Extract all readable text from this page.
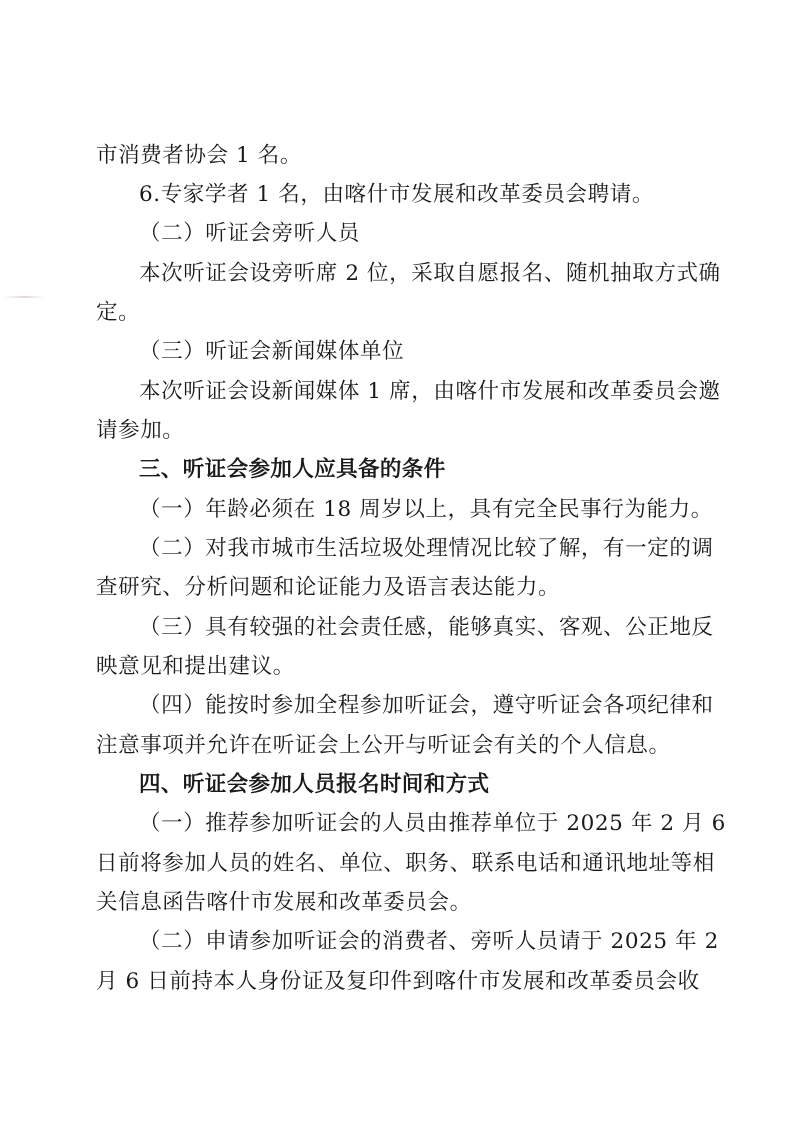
市消费者协会 1 名。
6.专家学者 1 名，由喀什市发展和改革委员会聘请。
（二）听证会旁听人员
本次听证会设旁听席 2 位，采取自愿报名、随机抽取方式确
定。
（三）听证会新闻媒体单位
本次听证会设新闻媒体 1 席，由喀什市发展和改革委员会邀
请参加。
三、听证会参加人应具备的条件
（一）年龄必须在 18 周岁以上，具有完全民事行为能力。
（二）对我市城市生活垃圾处理情况比较了解，有一定的调
查研究、分析问题和论证能力及语言表达能力。
（三）具有较强的社会责任感，能够真实、客观、公正地反
映意见和提出建议。
（四）能按时参加全程参加听证会，遵守听证会各项纪律和
注意事项并允许在听证会上公开与听证会有关的个人信息。
四、听证会参加人员报名时间和方式
（一）推荐参加听证会的人员由推荐单位于 2025 年 2 月 6
日前将参加人员的姓名、单位、职务、联系电话和通讯地址等相
关信息函告喀什市发展和改革委员会。
（二）申请参加听证会的消费者、旁听人员请于 2025 年 2
月 6 日前持本人身份证及复印件到喀什市发展和改革委员会收
